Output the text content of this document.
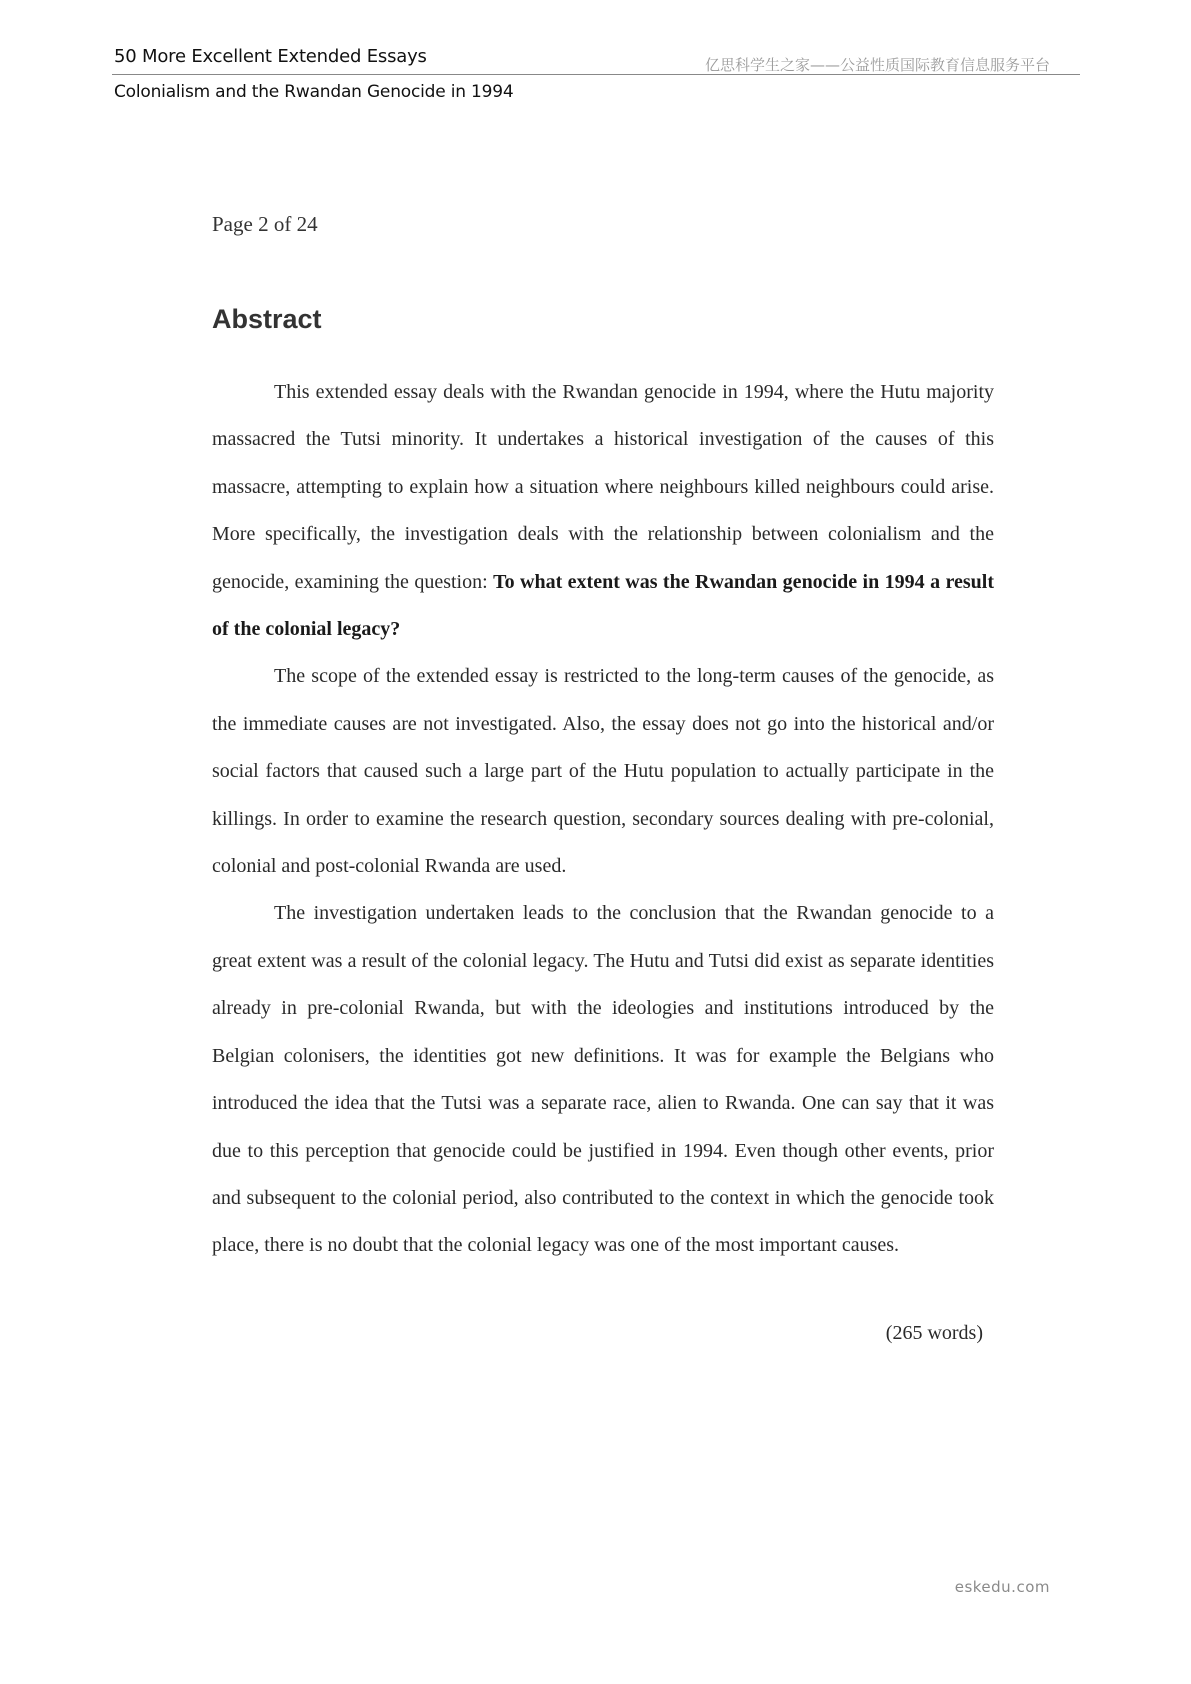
50 More Excellent Extended Essays	亿思科学生之家——公益性质国际教育信息服务平台
Colonialism and the Rwandan Genocide in 1994
Page 2 of 24
Abstract

This extended essay deals with the Rwandan genocide in 1994, where the Hutu majority massacred the Tutsi minority. It undertakes a historical investigation of the causes of this massacre, attempting to explain how a situation where neighbours killed neighbours could arise. More specifically, the investigation deals with the relationship between colonialism and the genocide, examining the question: To what extent was the Rwandan genocide in 1994 a result of the colonial legacy?

The scope of the extended essay is restricted to the long-term causes of the genocide, as the immediate causes are not investigated. Also, the essay does not go into the historical and/or social factors that caused such a large part of the Hutu population to actually participate in the killings. In order to examine the research question, secondary sources dealing with pre-colonial, colonial and post-colonial Rwanda are used.

The investigation undertaken leads to the conclusion that the Rwandan genocide to a great extent was a result of the colonial legacy. The Hutu and Tutsi did exist as separate identities already in pre-colonial Rwanda, but with the ideologies and institutions introduced by the Belgian colonisers, the identities got new definitions. It was for example the Belgians who introduced the idea that the Tutsi was a separate race, alien to Rwanda. One can say that it was due to this perception that genocide could be justified in 1994. Even though other events, prior and subsequent to the colonial period, also contributed to the context in which the genocide took place, there is no doubt that the colonial legacy was one of the most important causes.

(265 words)
eskedu.com
